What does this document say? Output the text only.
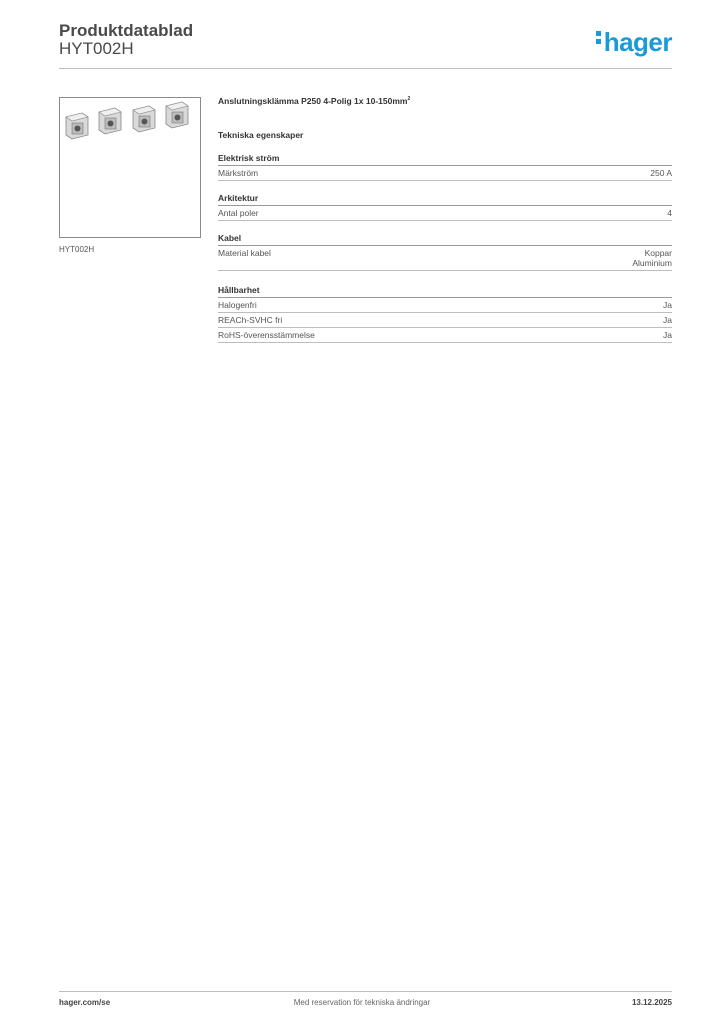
Produktdatablad
HYT002H	hager
HYT002H
Anslutningsklämma P250 4-Polig 1x $10-150mm^2$
Tekniska egenskaper
Elektrisk ström
Märkström	250 A
Arkitektur
Antal poler	4
Kabel
Material kabel	Koppar
Aluminium
Hållbarhet
Halogenfri	Ja
REACh-SVHC fri	Ja
RoHS-överensstämmelse	Ja
hager.com/se	Med reservation för tekniska ändringar	13.12.2025
